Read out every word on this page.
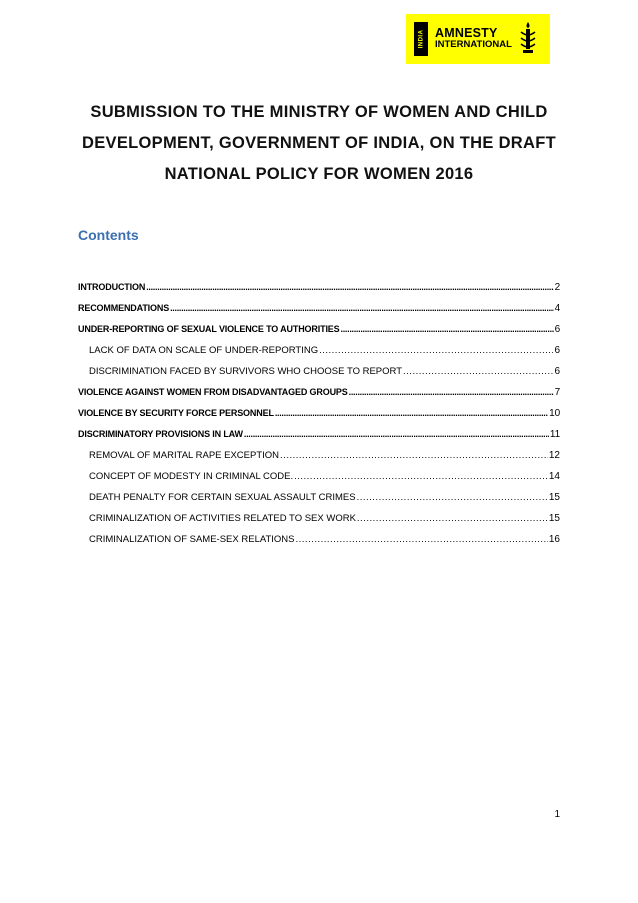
INDIA AMNESTY
INTERNATIONAL
SUBMISSION TO THE MINISTRY OF WOMEN AND CHILD
DEVELOPMENT, GOVERNMENT OF INDIA, ON THE DRAFT
NATIONAL POLICY FOR WOMEN 2016
Contents
INTRODUCTION .....	2
RECOMMENDATIONS .....	4
UNDER-REPORTING OF SEXUAL VIOLENCE TO AUTHORITIES .....	6
LACK OF DATA ON SCALE OF UNDER-REPORTING .....	6
DISCRIMINATION FACED BY SURVIVORS WHO CHOOSE TO REPORT .....	6
VIOLENCE AGAINST WOMEN FROM DISADVANTAGED GROUPS .....	7
VIOLENCE BY SECURITY FORCE PERSONNEL .....	10
DISCRIMINATORY PROVISIONS IN LAW .....	11
REMOVAL OF MARITAL RAPE EXCEPTION .....	12
CONCEPT OF MODESTY IN CRIMINAL CODE. .....	14
DEATH PENALTY FOR CERTAIN SEXUAL ASSAULT CRIMES .....	15
CRIMINALIZATION OF ACTIVITIES RELATED TO SEX WORK .....	15
CRIMINALIZATION OF SAME-SEX RELATIONS .....	16
1
